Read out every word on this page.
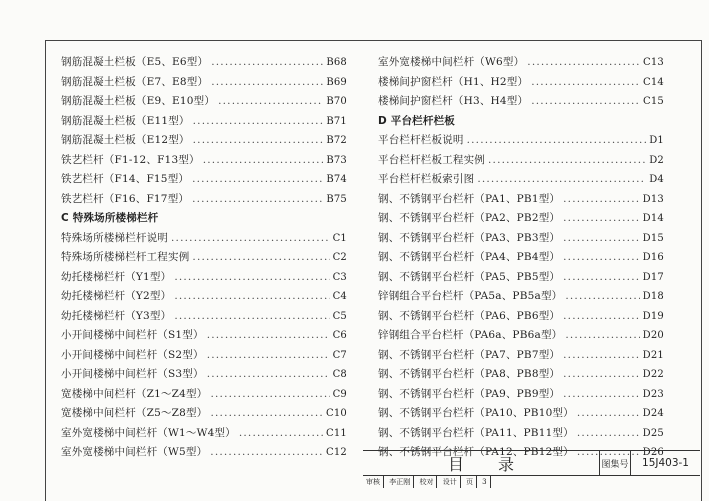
钢筋混凝土栏板（E5、E6型） .....	B68
钢筋混凝土栏板（E7、E8型） .....	B69
钢筋混凝土栏板（E9、E10型） .....	B70
钢筋混凝土栏板（E11型） .....	B71
钢筋混凝土栏板（E12型） .....	B72
铁艺栏杆（F1-12、F13型） .....	B73
铁艺栏杆（F14、F15型） .....	B74
铁艺栏杆（F16、F17型） .....	B75
C 特殊场所楼梯栏杆
特殊场所楼梯栏杆说明 .....	C1
特殊场所楼梯栏杆工程实例 .....	C2
幼托楼梯栏杆（Y1型） .....	C3
幼托楼梯栏杆（Y2型） .....	C4
幼托楼梯栏杆（Y3型） .....	C5
小开间楼梯中间栏杆（S1型） .....	C6
小开间楼梯中间栏杆（S2型） .....	C7
小开间楼梯中间栏杆（S3型） .....	C8
宽楼梯中间栏杆（Z1～Z4型） .....	C9
宽楼梯中间栏杆（Z5～Z8型） .....	C10
室外宽楼梯中间栏杆（W1～W4型） .....	C11
室外宽楼梯中间栏杆（W5型） .....	C12
室外宽楼梯中间栏杆（W6型） .....	C13
楼梯间护窗栏杆（H1、H2型） .....	C14
楼梯间护窗栏杆（H3、H4型） .....	C15
D 平台栏杆栏板
平台栏杆栏板说明 .....	D1
平台栏杆栏板工程实例 .....	D2
平台栏杆栏板索引图 .....	D4
钢、不锈钢平台栏杆（PA1、PB1型） .....	D13
钢、不锈钢平台栏杆（PA2、PB2型） .....	D14
钢、不锈钢平台栏杆（PA3、PB3型） .....	D15
钢、不锈钢平台栏杆（PA4、PB4型） .....	D16
钢、不锈钢平台栏杆（PA5、PB5型） .....	D17
锌钢组合平台栏杆（PA5a、PB5a型） .....	D18
钢、不锈钢平台栏杆（PA6、PB6型） .....	D19
锌钢组合平台栏杆（PA6a、PB6a型） .....	D20
钢、不锈钢平台栏杆（PA7、PB7型） .....	D21
钢、不锈钢平台栏杆（PA8、PB8型） .....	D22
钢、不锈钢平台栏杆（PA9、PB9型） .....	D23
钢、不锈钢平台栏杆（PA10、PB10型） .....	D24
钢、不锈钢平台栏杆（PA11、PB11型） .....	D25
钢、不锈钢平台栏杆（PA12、PB12型） .....	D26
目 录	图集号	15J403-1
审核 李正刚 校对 设计 页 3
